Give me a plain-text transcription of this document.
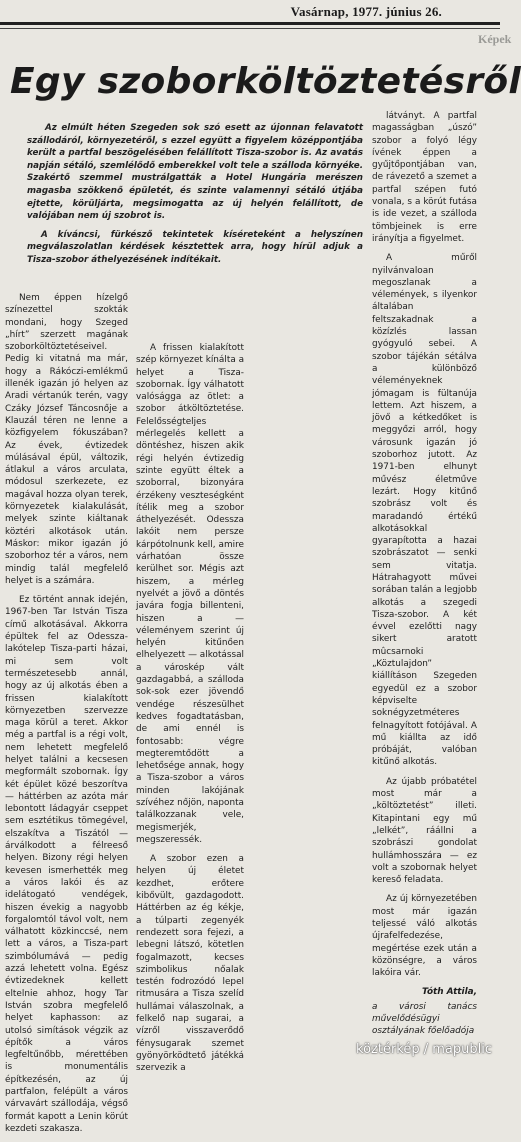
Vasárnap, 1977. június 26.
Képek
Egy szoborköltöztetésről

Az elmúlt héten Szegeden sok szó esett az újonnan felavatott szállodáról, környezetéről, s ezzel együtt a figyelem középpontjába került a partfal beszögelésében felállított Tisza-szobor is. Az avatás napján sétáló, szemlélődő emberekkel volt tele a szálloda környéke. Szakértő szemmel mustrálgatták a Hotel Hungária merészen magasba szökkenő épületét, és szinte valamennyi sétáló útjába ejtette, körüljárta, megsimogatta az új helyén felállított, de valójában nem új szobrot is.

A kíváncsi, fürkésző tekintetek kíséreteként a helyszínen megválaszolatlan kérdések késztettek arra, hogy hírül adjuk a Tisza-szobor áthelyezésének indítékait.

Nem éppen hízelgő színezettel szokták mondani, hogy Szeged „hírt” szerzett magának szoborköltöztetéseivel. Pedig ki vitatná ma már, hogy a Rákóczi-emlékmű illenék igazán jó helyen az Aradi vértanúk terén, vagy Czáky József Táncosnője a Klauzál téren ne lenne a közfigyelem fókuszában? Az évek, évtizedek múlásával épül, változik, átlakul a város arculata, módosul szerkezete, ez magával hozza olyan terek, környezetek kialakulását, melyek szinte kiáltanak köztéri alkotások után. Máskor: mikor igazán jó szoborhoz tér a város, nem mindig talál megfelelő helyet is a számára.

Ez történt annak idején, 1967-ben Tar István Tisza című alkotásával. Akkorra épültek fel az Odessza-lakótelep Tisza-parti házai, mi sem volt természetesebb annál, hogy az új alkotás ében a frissen kialakított környezetben szervezze maga körül a teret. Akkor még a partfal is a régi volt, nem lehetett megfelelő helyet találni a kecsesen megformált szobornak. Így két épület közé beszorítva — háttérben az azóta már lebontott ládagyár cseppet sem esztétikus tömegével, elszakítva a Tiszától — árválkodott a félreeső helyen. Bizony régi helyen kevesen ismerhették meg a város lakói és az idelátogató vendégek, hiszen évekig a nagyobb forgalomtól távol volt, nem válhatott közkinccsé, nem lett a város, a Tisza-part szimbólumává — pedig azzá lehetett volna. Egész évtizedeknek kellett eltelnie ahhoz, hogy Tar István szobra megfelelő helyet kaphasson: az utolsó simítások végzik az építők a város legfeltűnőbb, mérettében is monumentális építkezésén, az új partfalon, felépült a város várvavárt szállodája, végső formát kapott a Lenin körút kezdeti szakasza.

A frissen kialakított szép környezet kínálta a helyet a Tisza-szobornak. Így válhatott valóságga az ötlet: a szobor átköltöztetése. Felelősségteljes mérlegelés kellett a döntéshez, hiszen akik régi helyén évtizedig szinte együtt éltek a szoborral, bizonyára érzékeny veszteségként ítélik meg a szobor áthelyezését. Odessza lakóit nem persze kárpótolnunk kell, amire várhatóan össze kerülhet sor. Mégis azt hiszem, a mérleg nyelvét a jövő a döntés javára fogja billenteni, hiszen a — véleményem szerint új helyén kitűnően elhelyezett — alkotással a városkép vált gazdagabbá, a szálloda sok-sok ezer jövendő vendége részesülhet kedves fogadtatásban, de ami ennél is fontosabb: végre megteremtődött a lehetősége annak, hogy a Tisza-szobor a város minden lakójának szívéhez nőjön, naponta találkozzanak vele, megismerjék, megszeressék.

A szobor ezen a helyen új életet kezdhet, erőtere kibővült, gazdagodott. Háttérben az ég kékje, a túlparti zegenyék rendezett sora fejezi, a lebegni látszó, kötetlen fogalmazott, kecses szimbolikus nőalak testén fodrozódó lepel ritmusára a Tisza szelíd hullámai válaszolnak, a felkelő nap sugarai, a vízről visszaverődő fénysugarak szemet gyönyörködtető játékká szervezik a

látványt. A partfal magasságban „úszó” szobor a folyó légy ívének éppen a gyűjtőpontjában van, de rávezető a szemet a partfal szépen futó vonala, s a körút futása is ide vezet, a szálloda tömbjeinek is erre irányítja a figyelmet.

A műről nyilvánvaloan megoszlanak a vélemények, s ilyenkor általában feltszakadnak a közízlés lassan gyógyuló sebei. A szobor tájékán sétálva a különböző véleményeknek jómagam is fültanúja lettem. Azt hiszem, a jövő a kétkedőket is meggyőzi arról, hogy városunk igazán jó szoborhoz jutott. Az 1971-ben elhunyt művész életműve lezárt. Hogy kitűnő szobrász volt és maradandó értékű alkotásokkal gyarapította a hazai szobrászatot — senki sem vitatja. Hátrahagyott művei sorában talán a legjobb alkotás a szegedi Tisza-szobor. A két évvel ezelőtti nagy sikert aratott mûcsarnoki „Köztulajdon” kiállításon Szegeden egyedül ez a szobor képviselte soknégyzetméteres felnagyított fotójával. A mű kiállta az idő próbáját, valóban kitűnő alkotás.

Az újabb próbatétel most már a „költöztetést” illeti. Kitapintani egy mű „lelkét”, ráállni a szobrászi gondolat hullámhosszára — ez volt a szobornak helyet kereső feladata.

Az új környezetében most már igazán teljessé váló alkotás újrafelfedezése, megértése ezek után a közönségre, a város lakóira vár.

Tóth Attila,
a városi tanács művelődésügyi osztályának főelőadója
köztérkép / mapublic
